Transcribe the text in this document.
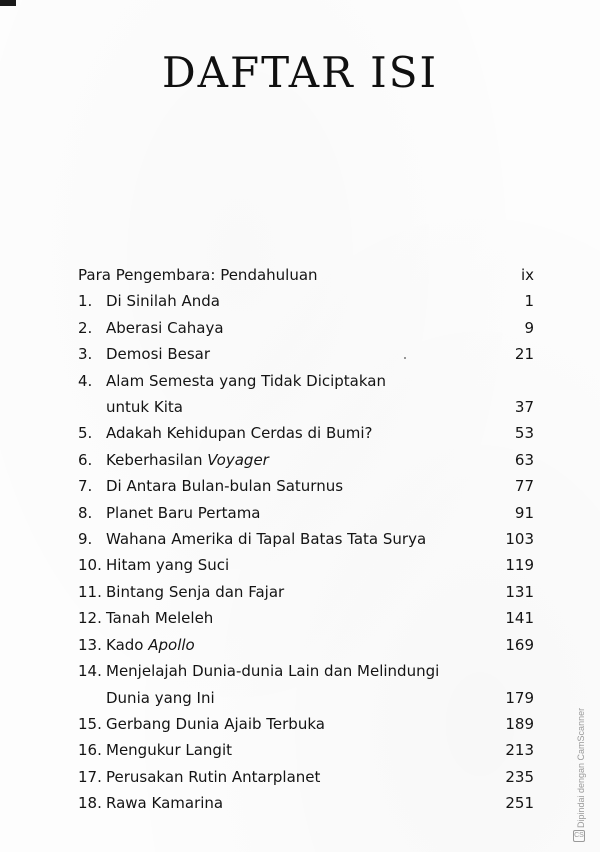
DAFTAR ISI
Para Pengembara: Pendahuluan	ix
1. Di Sinilah Anda	1
2. Aberasi Cahaya	9
3. Demosi Besar	21
4. Alam Semesta yang Tidak Diciptakan
untuk Kita	37
5. Adakah Kehidupan Cerdas di Bumi?	53
6. Keberhasilan Voyager	63
7. Di Antara Bulan-bulan Saturnus	77
8. Planet Baru Pertama	91
9. Wahana Amerika di Tapal Batas Tata Surya	103
10. Hitam yang Suci	119
11. Bintang Senja dan Fajar	131
12. Tanah Meleleh	141
13. Kado Apollo	169
14. Menjelajah Dunia-dunia Lain dan Melindungi
Dunia yang Ini	179
15. Gerbang Dunia Ajaib Terbuka	189
16. Mengukur Langit	213
17. Perusakan Rutin Antarplanet	235
18. Rawa Kamarina	251	Dipindai dengan CamScanner
CS
